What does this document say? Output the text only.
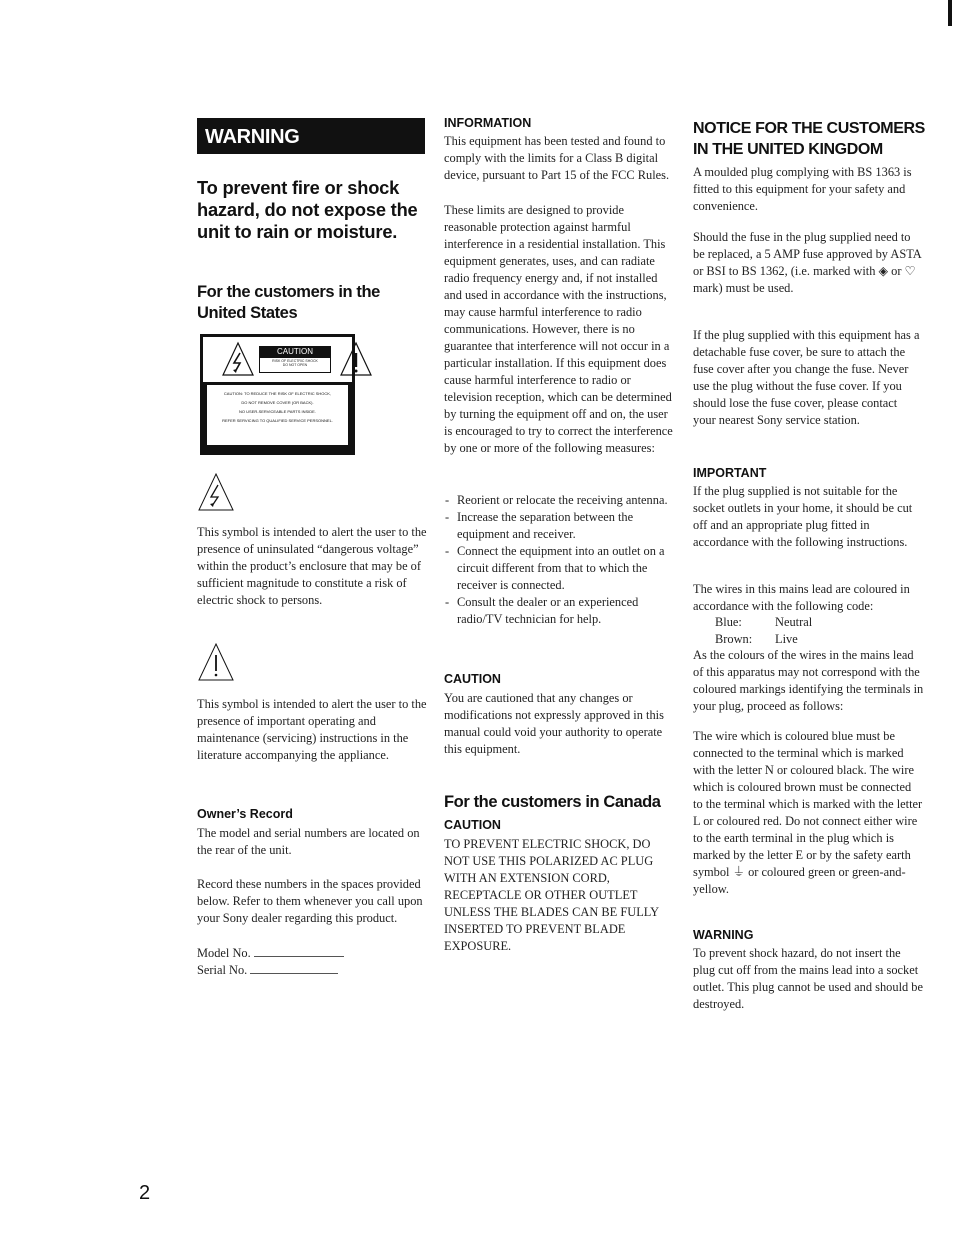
WARNING
To prevent fire or shock
hazard, do not expose the
unit to rain or moisture.
For the customers in the
United States
CAUTION
RISK OF ELECTRIC SHOCK
DO NOT OPEN
CAUTION: TO REDUCE THE RISK OF ELECTRIC SHOCK,
DO NOT REMOVE COVER (OR BACK).
NO USER-SERVICEABLE PARTS INSIDE.
REFER SERVICING TO QUALIFIED SERVICE PERSONNEL.

This symbol is intended to alert the user to the presence of uninsulated “dangerous voltage” within the product’s enclosure that may be of sufficient magnitude to constitute a risk of electric shock to persons.

This symbol is intended to alert the user to the presence of important operating and maintenance (servicing) instructions in the literature accompanying the appliance.

Owner’s Record

The model and serial numbers are located on the rear of the unit.

Record these numbers in the spaces provided below. Refer to them whenever you call upon your Sony dealer regarding this product.

Model No.
Serial No.
INFORMATION

This equipment has been tested and found to comply with the limits for a Class B digital device, pursuant to Part 15 of the FCC Rules.

These limits are designed to provide reasonable protection against harmful interference in a residential installation. This equipment generates, uses, and can radiate radio frequency energy and, if not installed and used in accordance with the instructions, may cause harmful interference to radio communications. However, there is no guarantee that interference will not occur in a particular installation. If this equipment does cause harmful interference to radio or television reception, which can be determined by turning the equipment off and on, the user is encouraged to try to correct the interference by one or more of the following measures:

- Reorient or relocate the receiving antenna.
- Increase the separation between the equipment and receiver.
- Connect the equipment into an outlet on a circuit different from that to which the receiver is connected.
- Consult the dealer or an experienced radio/TV technician for help.
CAUTION

You are cautioned that any changes or modifications not expressly approved in this manual could void your authority to operate this equipment.

For the customers in Canada
CAUTION

TO PREVENT ELECTRIC SHOCK, DO NOT USE THIS POLARIZED AC PLUG WITH AN EXTENSION CORD, RECEPTACLE OR OTHER OUTLET UNLESS THE BLADES CAN BE FULLY INSERTED TO PREVENT BLADE EXPOSURE.

NOTICE FOR THE CUSTOMERS
IN THE UNITED KINGDOM

A moulded plug complying with BS 1363 is fitted to this equipment for your safety and convenience.

Should the fuse in the plug supplied need to be replaced, a 5 AMP fuse approved by ASTA or BSI to BS 1362, (i.e. marked with ◈ or ♡ mark) must be used.

If the plug supplied with this equipment has a detachable fuse cover, be sure to attach the fuse cover after you change the fuse. Never use the plug without the fuse cover. If you should lose the fuse cover, please contact your nearest Sony service station.

IMPORTANT

If the plug supplied is not suitable for the socket outlets in your home, it should be cut off and an appropriate plug fitted in accordance with the following instructions.

The wires in this mains lead are coloured in accordance with the following code:

Blue:	Neutral
Brown:	Live

As the colours of the wires in the mains lead of this apparatus may not correspond with the coloured markings identifying the terminals in your plug, proceed as follows:

The wire which is coloured blue must be connected to the terminal which is marked with the letter N or coloured black. The wire which is coloured brown must be connected to the terminal which is marked with the letter L or coloured red. Do not connect either wire to the earth terminal in the plug which is marked by the letter E or by the safety earth symbol ⏚ or coloured green or green-and-yellow.

WARNING

To prevent shock hazard, do not insert the plug cut off from the mains lead into a socket outlet. This plug cannot be used and should be destroyed.

2
